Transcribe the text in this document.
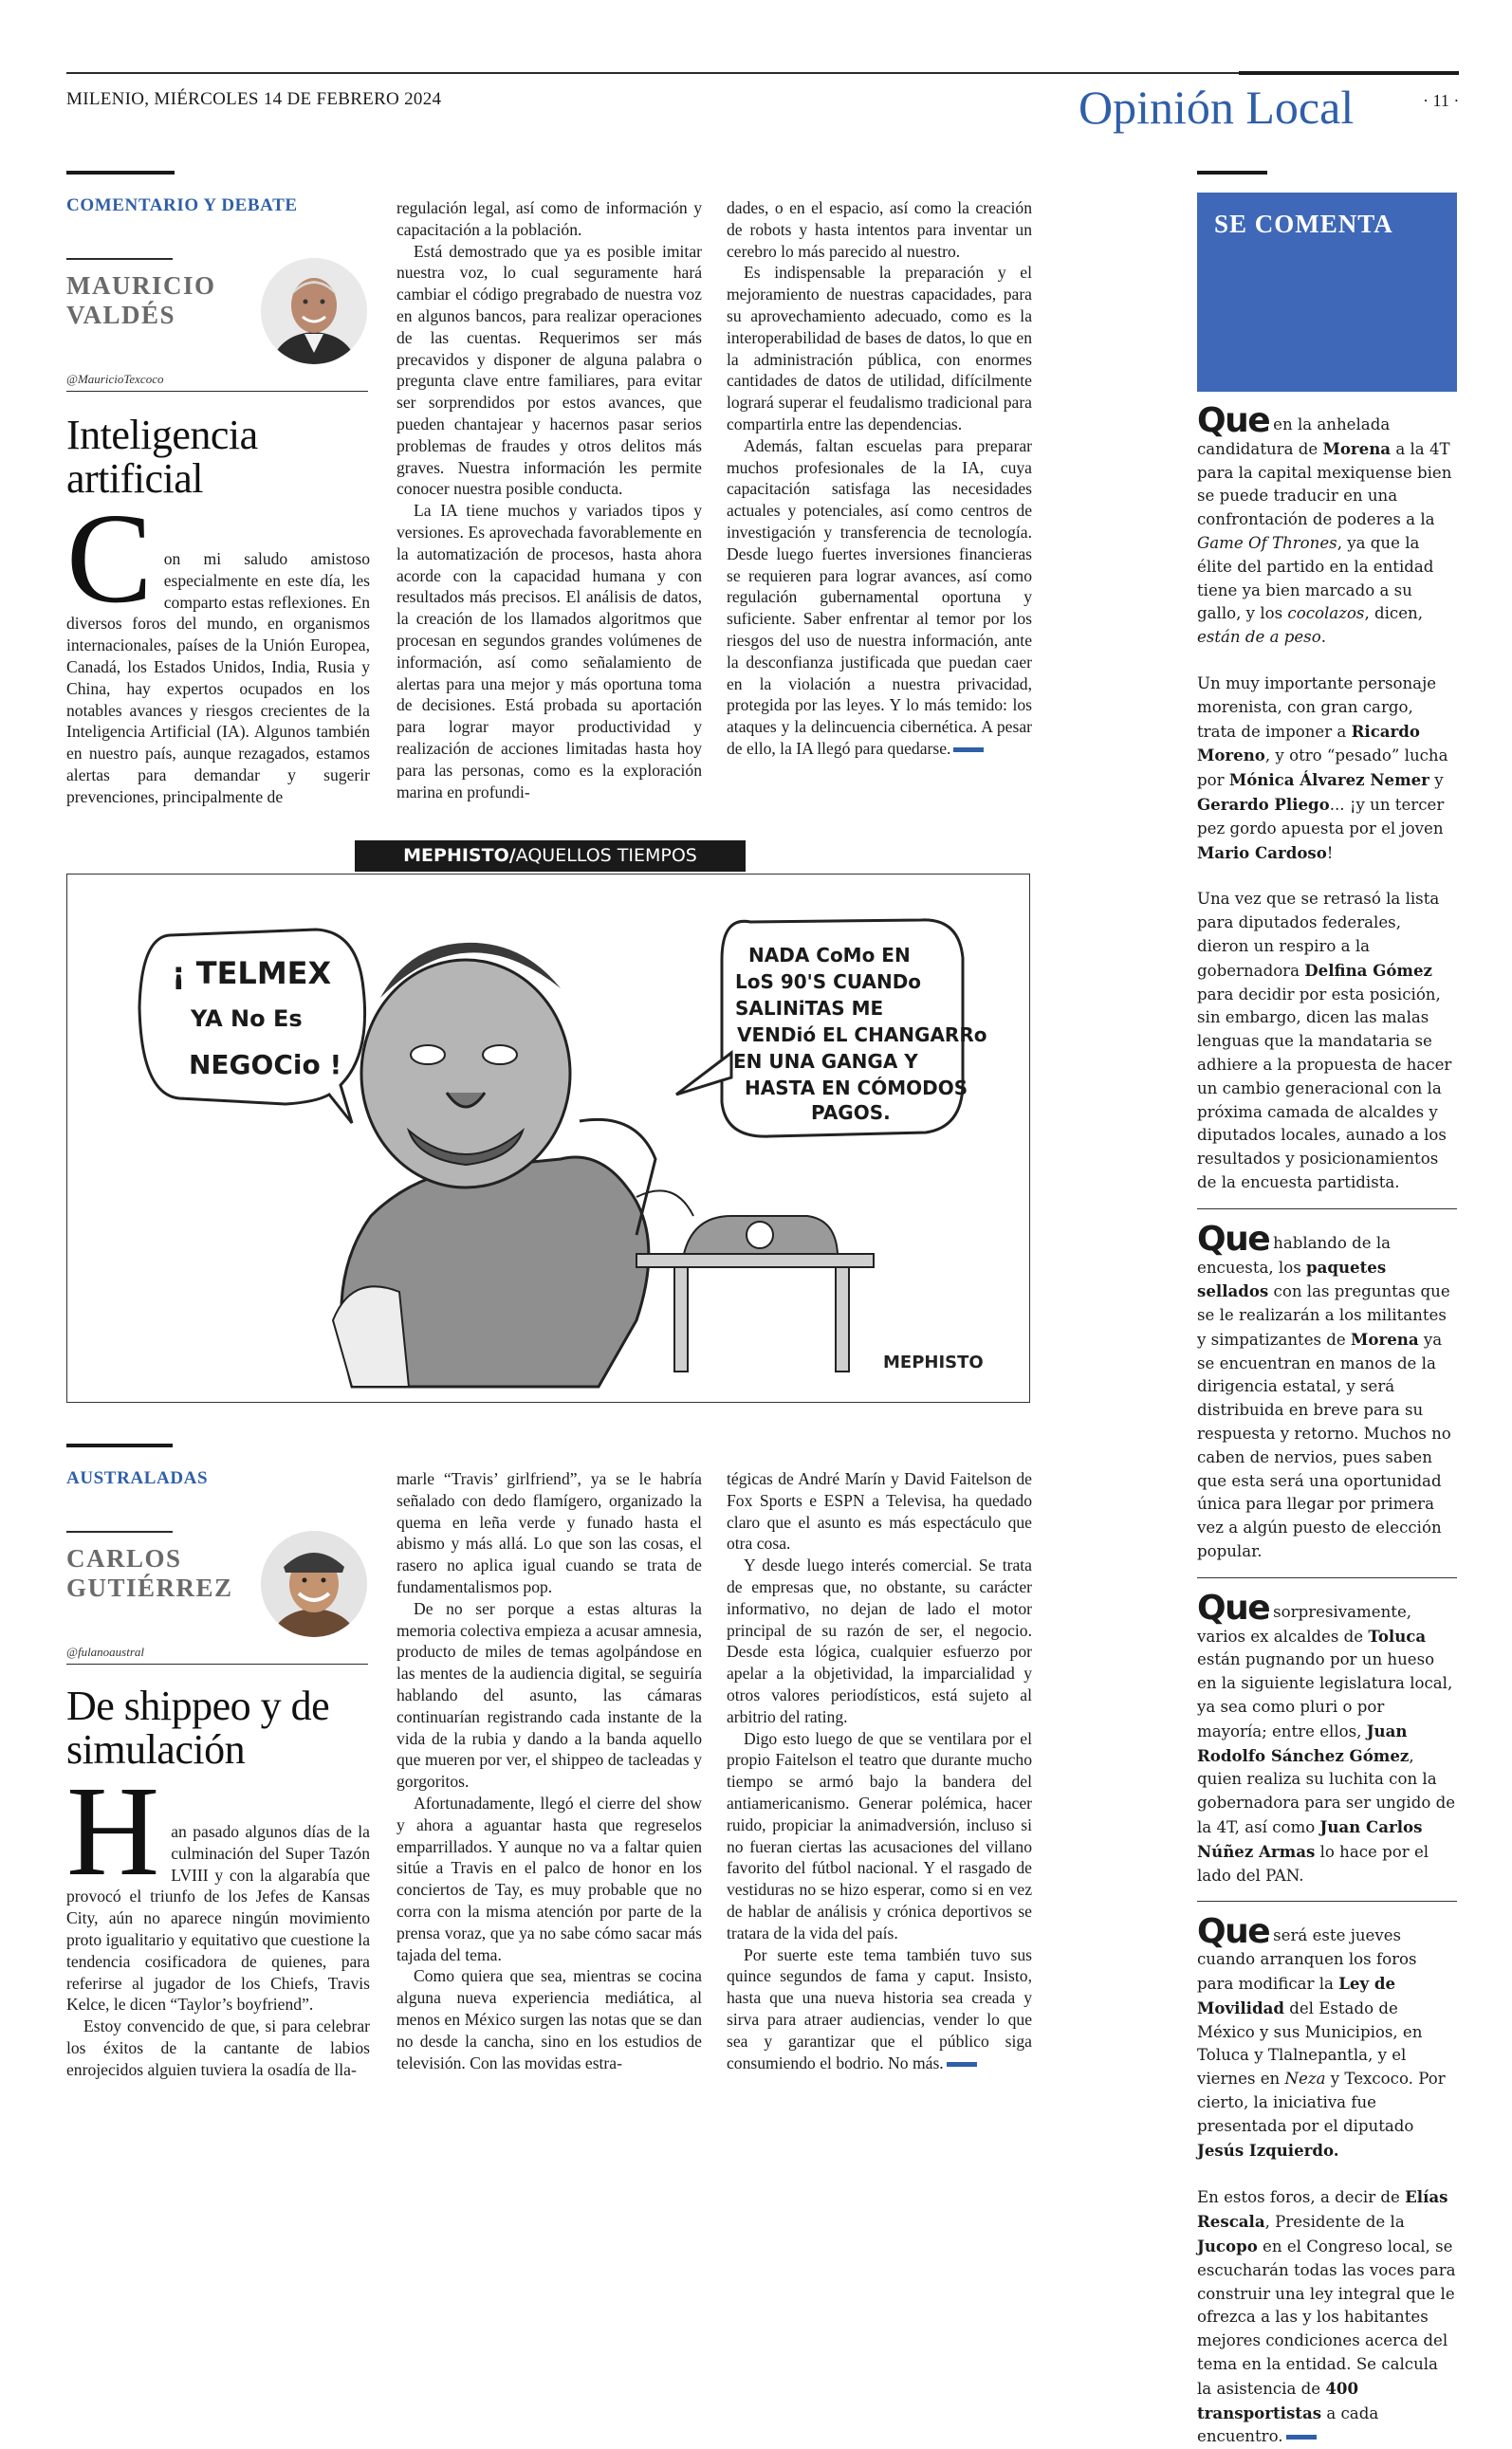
MILENIO, MIÉRCOLES 14 DE FEBRERO 2024	Opinión Local	· 11 ·
COMENTARIO Y DEBATE
MAURICIO
VALDÉS
@MauricioTexcoco
Inteligencia
artificial
C on mi saludo amistoso especialmente en este día, les comparto estas reflexiones. En diversos foros del mundo, en organismos internacionales, países de la Unión Europea, Canadá, los Estados Unidos, India, Rusia y China, hay expertos ocupados en los notables avances y riesgos crecientes de la Inteligencia Artificial (IA). Algunos también en nuestro país, aunque rezagados, estamos alertas para demandar y sugerir prevenciones, principalmente de

regulación legal, así como de información y capacitación a la población.

Está demostrado que ya es posible imitar nuestra voz, lo cual seguramente hará cambiar el código pregrabado de nuestra voz en algunos bancos, para realizar operaciones de las cuentas. Requerimos ser más precavidos y disponer de alguna palabra o pregunta clave entre familiares, para evitar ser sorprendidos por estos avances, que pueden chantajear y hacernos pasar serios problemas de fraudes y otros delitos más graves. Nuestra información les permite conocer nuestra posible conducta.

La IA tiene muchos y variados tipos y versiones. Es aprovechada favorablemente en la automatización de procesos, hasta ahora acorde con la capacidad humana y con resultados más precisos. El análisis de datos, la creación de los llamados algoritmos que procesan en segundos grandes volúmenes de información, así como señalamiento de alertas para una mejor y más oportuna toma de decisiones. Está probada su aportación para lograr mayor productividad y realización de acciones limitadas hasta hoy para las personas, como es la exploración marina en profundi-

dades, o en el espacio, así como la creación de robots y hasta intentos para inventar un cerebro lo más parecido al nuestro.

Es indispensable la preparación y el mejoramiento de nuestras capacidades, para su aprovechamiento adecuado, como es la interoperabilidad de bases de datos, lo que en la administración pública, con enormes cantidades de datos de utilidad, difícilmente logrará superar el feudalismo tradicional para compartirla entre las dependencias.

Además, faltan escuelas para preparar muchos profesionales de la IA, cuya capacitación satisfaga las necesidades actuales y potenciales, así como centros de investigación y transferencia de tecnología. Desde luego fuertes inversiones financieras se requieren para lograr avances, así como regulación gubernamental oportuna y suficiente. Saber enfrentar al temor por los riesgos del uso de nuestra información, ante la desconfianza justificada que puedan caer en la violación a nuestra privacidad, protegida por las leyes. Y lo más temido: los ataques y la delincuencia cibernética. A pesar de ello, la IA llegó para quedarse.

MEPHISTO/AQUELLOS TIEMPOS
¡ TELMEX
YA No Es
NEGOCio !
NADA CoMo EN LoS 90'S CUANDo SALINiTAS ME VENDió EL CHANGARRo EN UNA GANGA Y HASTA EN CÓMODOS PAGOS.
MEPHISTO
AUSTRALADAS
CARLOS
GUTIÉRREZ
@fulanoaustral
De shippeo y de
simulación
H an pasado algunos días de la culminación del Super Tazón LVIII y con la algarabía que provocó el triunfo de los Jefes de Kansas City, aún no aparece ningún movimiento proto igualitario y equitativo que cuestione la tendencia cosificadora de quienes, para referirse al jugador de los Chiefs, Travis Kelce, le dicen “Taylor’s boyfriend”.

Estoy convencido de que, si para celebrar los éxitos de la cantante de labios enrojecidos alguien tuviera la osadía de lla-

marle “Travis’ girlfriend”, ya se le habría señalado con dedo flamígero, organizado la quema en leña verde y funado hasta el abismo y más allá. Lo que son las cosas, el rasero no aplica igual cuando se trata de fundamentalismos pop.

De no ser porque a estas alturas la memoria colectiva empieza a acusar amnesia, producto de miles de temas agolpándose en las mentes de la audiencia digital, se seguiría hablando del asunto, las cámaras continuarían registrando cada instante de la vida de la rubia y dando a la banda aquello que mueren por ver, el shippeo de tacleadas y gorgoritos.

Afortunadamente, llegó el cierre del show y ahora a aguantar hasta que regreselos emparrillados. Y aunque no va a faltar quien sitúe a Travis en el palco de honor en los conciertos de Tay, es muy probable que no corra con la misma atención por parte de la prensa voraz, que ya no sabe cómo sacar más tajada del tema.

Como quiera que sea, mientras se cocina alguna nueva experiencia mediática, al menos en México surgen las notas que se dan no desde la cancha, sino en los estudios de televisión. Con las movidas estra-

tégicas de André Marín y David Faitelson de Fox Sports e ESPN a Televisa, ha quedado claro que el asunto es más espectáculo que otra cosa.

Y desde luego interés comercial. Se trata de empresas que, no obstante, su carácter informativo, no dejan de lado el motor principal de su razón de ser, el negocio. Desde esta lógica, cualquier esfuerzo por apelar a la objetividad, la imparcialidad y otros valores periodísticos, está sujeto al arbitrio del rating.

Digo esto luego de que se ventilara por el propio Faitelson el teatro que durante mucho tiempo se armó bajo la bandera del antiamericanismo. Generar polémica, hacer ruido, propiciar la animadversión, incluso si no fueran ciertas las acusaciones del villano favorito del fútbol nacional. Y el rasgado de vestiduras no se hizo esperar, como si en vez de hablar de análisis y crónica deportivos se tratara de la vida del país.

Por suerte este tema también tuvo sus quince segundos de fama y caput. Insisto, hasta que una nueva historia sea creada y sirva para atraer audiencias, vender lo que sea y garantizar que el público siga consumiendo el bodrio. No más.

SE COMENTA

Que en la anhelada candidatura de Morena a la 4T para la capital mexiquense bien se puede traducir en una confrontación de poderes a la Game Of Thrones, ya que la élite del partido en la entidad tiene ya bien marcado a su gallo, y los cocolazos, dicen, están de a peso.

Un muy importante personaje morenista, con gran cargo, trata de imponer a Ricardo Moreno, y otro “pesado” lucha por Mónica Álvarez Nemer y Gerardo Pliego... ¡y un tercer pez gordo apuesta por el joven Mario Cardoso!

Una vez que se retrasó la lista para diputados federales, dieron un respiro a la gobernadora Delfina Gómez para decidir por esta posición, sin embargo, dicen las malas lenguas que la mandataria se adhiere a la propuesta de hacer un cambio generacional con la próxima camada de alcaldes y diputados locales, aunado a los resultados y posicionamientos de la encuesta partidista.

Que hablando de la encuesta, los paquetes sellados con las preguntas que se le realizarán a los militantes y simpatizantes de Morena ya se encuentran en manos de la dirigencia estatal, y será distribuida en breve para su respuesta y retorno. Muchos no caben de nervios, pues saben que esta será una oportunidad única para llegar por primera vez a algún puesto de elección popular.

Que sorpresivamente, varios ex alcaldes de Toluca están pugnando por un hueso en la siguiente legislatura local, ya sea como pluri o por mayoría; entre ellos, Juan Rodolfo Sánchez Gómez, quien realiza su luchita con la gobernadora para ser ungido de la 4T, así como Juan Carlos Núñez Armas lo hace por el lado del PAN.

Que será este jueves cuando arranquen los foros para modificar la Ley de Movilidad del Estado de México y sus Municipios, en Toluca y Tlalnepantla, y el viernes en Neza y Texcoco. Por cierto, la iniciativa fue presentada por el diputado Jesús Izquierdo.

En estos foros, a decir de Elías Rescala, Presidente de la Jucopo en el Congreso local, se escucharán todas las voces para construir una ley integral que le ofrezca a las y los habitantes mejores condiciones acerca del tema en la entidad. Se calcula la asistencia de 400 transportistas a cada encuentro.
